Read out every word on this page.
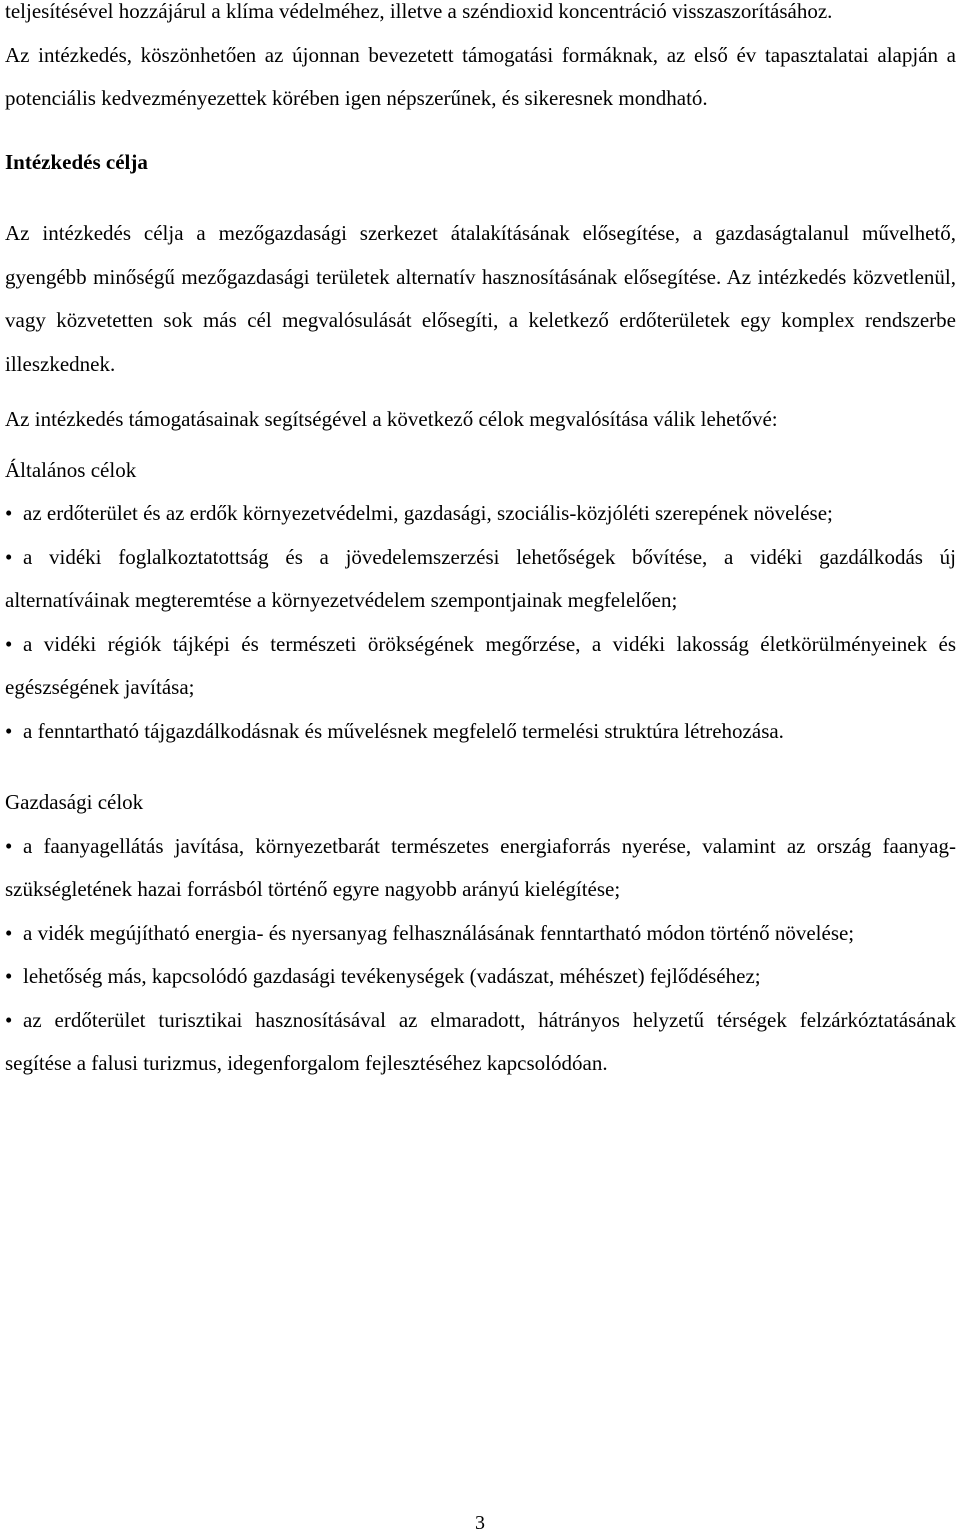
teljesítésével hozzájárul a klíma védelméhez, illetve a széndioxid koncentráció visszaszorításához.

Az intézkedés, köszönhetően az újonnan bevezetett támogatási formáknak, az első év tapasztalatai alapján a potenciális kedvezményezettek körében igen népszerűnek, és sikeresnek mondható.

Intézkedés célja

Az intézkedés célja a mezőgazdasági szerkezet átalakításának elősegítése, a gazdaságtalanul művelhető, gyengébb minőségű mezőgazdasági területek alternatív hasznosításának elősegítése. Az intézkedés közvetlenül, vagy közvetetten sok más cél megvalósulását elősegíti, a keletkező erdőterületek egy komplex rendszerbe illeszkednek.

Az intézkedés támogatásainak segítségével a következő célok megvalósítása válik lehetővé:

Általános célok

• az erdőterület és az erdők környezetvédelmi, gazdasági, szociális-közjóléti szerepének növelése;

• a vidéki foglalkoztatottság és a jövedelemszerzési lehetőségek bővítése, a vidéki gazdálkodás új alternatíváinak megteremtése a környezetvédelem szempontjainak megfelelően;

• a vidéki régiók tájképi és természeti örökségének megőrzése, a vidéki lakosság életkörülményeinek és egészségének javítása;

• a fenntartható tájgazdálkodásnak és művelésnek megfelelő termelési struktúra létrehozása.

Gazdasági célok

• a faanyagellátás javítása, környezetbarát természetes energiaforrás nyerése, valamint az ország faanyag-szükségletének hazai forrásból történő egyre nagyobb arányú kielégítése;

• a vidék megújítható energia- és nyersanyag felhasználásának fenntartható módon történő növelése;

• lehetőség más, kapcsolódó gazdasági tevékenységek (vadászat, méhészet) fejlődéséhez;

• az erdőterület turisztikai hasznosításával az elmaradott, hátrányos helyzetű térségek felzárkóztatásának segítése a falusi turizmus, idegenforgalom fejlesztéséhez kapcsolódóan.

3
